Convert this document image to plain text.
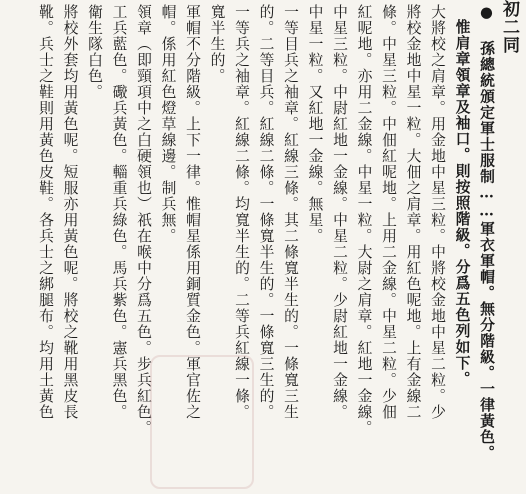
初二同
● 孫總統頒定軍士服制……軍衣軍帽。無分階級。一律黃色。
惟肩章領章及袖口。則按照階級。分爲五色列如下。
大將校之肩章。用金地中星三粒。中將校金地中星二粒。少
將校金地中星一粒。大佃之肩章。用紅色呢地。上有金線二
條。中星三粒。中佃紅呢地。上用二金線。中星二粒。少佃
紅呢地。亦用二金線。中星一粒。大尉之肩章。紅地一金線。
中星三粒。中尉紅地一金線。中星二粒。少尉紅地一金線。
中星一粒。又紅地一金線。無星。
一等目兵之袖章。紅線三條。其二條寬半生的。一條寬三生
的。二等目兵。紅線二條。一條寬半生的。一條寬三生的。
一等兵之袖章。紅線二條。均寬半生的。二等兵紅線一條。
寬半生的。
軍帽不分階級。上下一律。惟帽星係用銅質金色。軍官佐之
帽。係用紅色燈草線邊。制兵無。
領章（即頸項中之白硬領也）祇在喉中分爲五色。步兵紅色。
工兵藍色。礮兵黃色。輜重兵綠色。馬兵紫色。憲兵黑色。
衛生隊白色。
將校外套均用黃色呢。短服亦用黃色呢。將校之靴用黑皮長
靴。兵士之鞋則用黃色皮鞋。各兵士之綁腿布。均用土黃色
